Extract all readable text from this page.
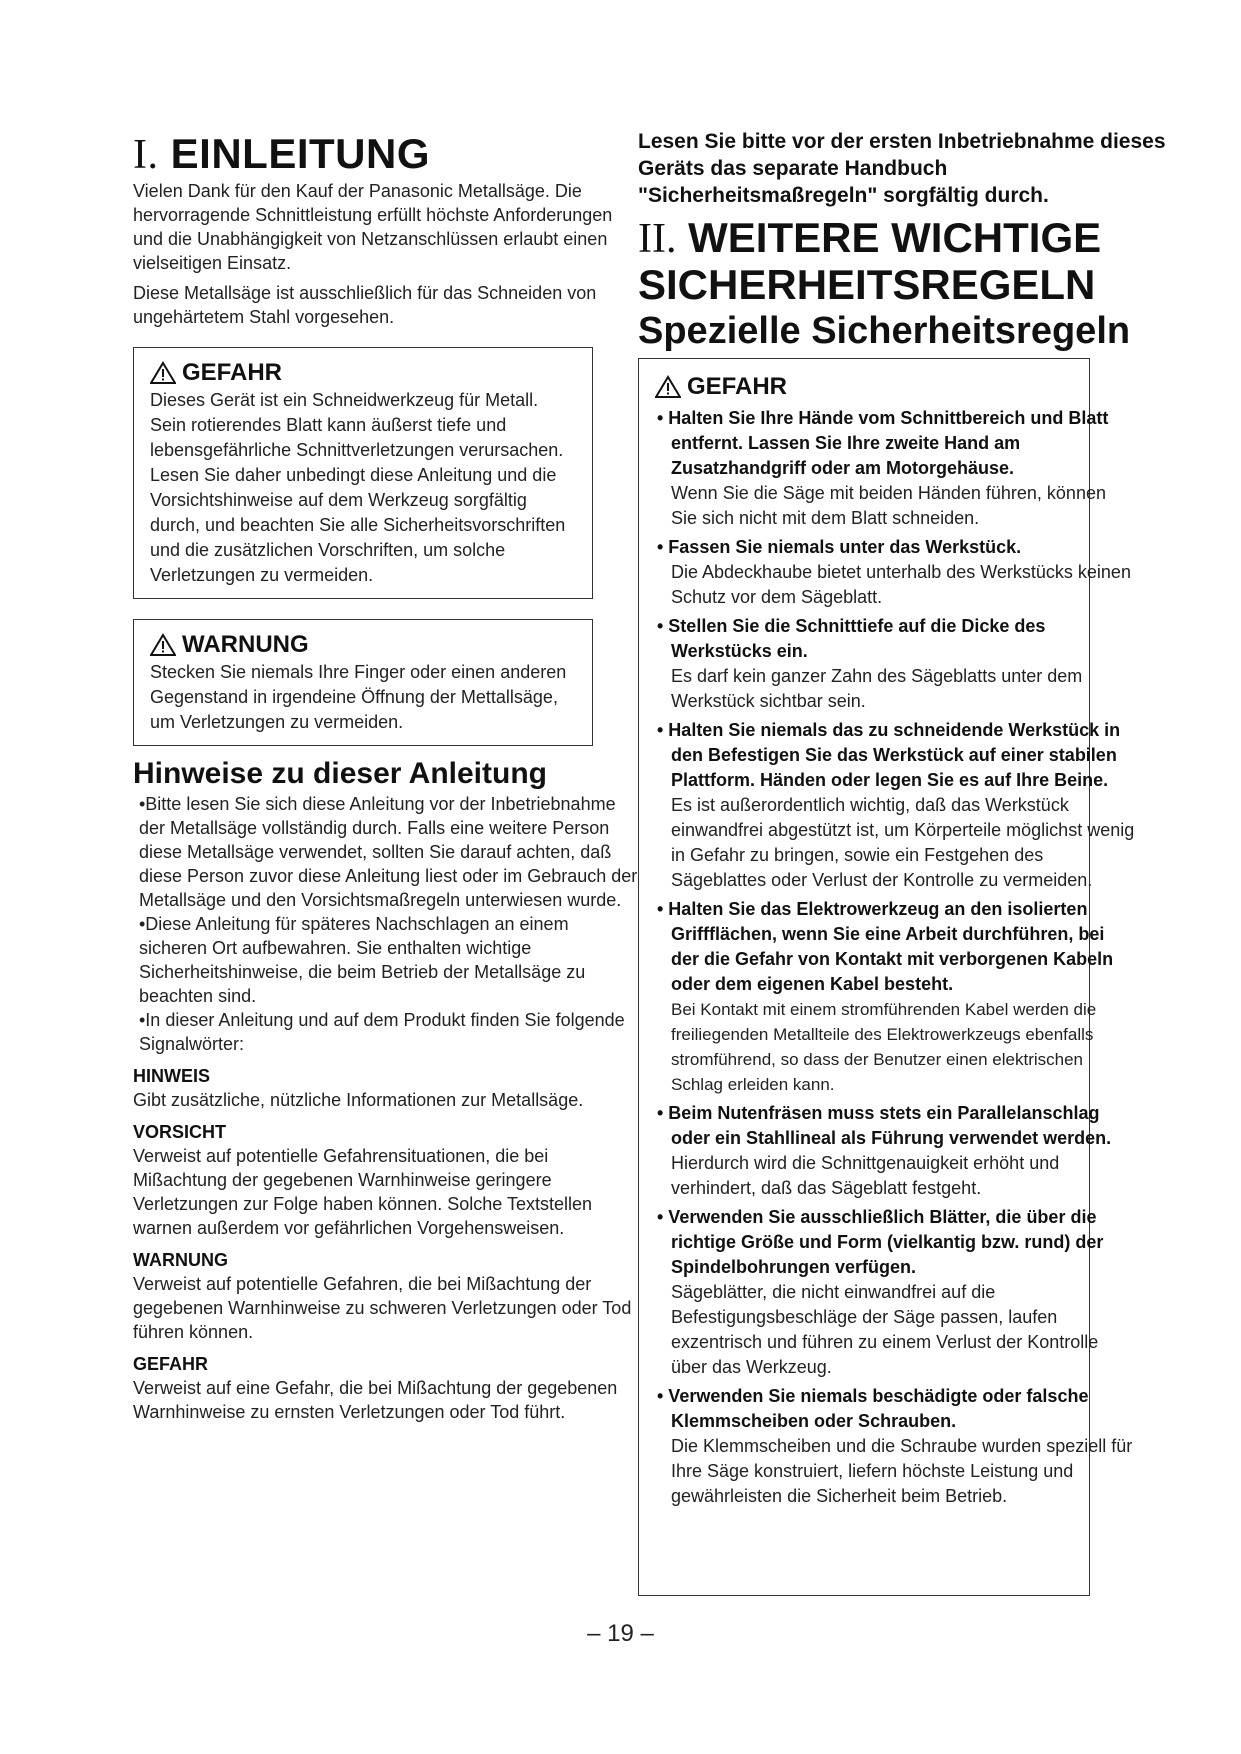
I. EINLEITUNG

Vielen Dank für den Kauf der Panasonic Metallsäge. Die hervorragende Schnittleistung erfüllt höchste Anforderungen und die Unabhängigkeit von Netzanschlüssen erlaubt einen vielseitigen Einsatz.

Diese Metallsäge ist ausschließlich für das Schneiden von ungehärtetem Stahl vorgesehen.

GEFAHR

Dieses Gerät ist ein Schneidwerkzeug für Metall. Sein rotierendes Blatt kann äußerst tiefe und lebensgefährliche Schnittverletzungen verursachen. Lesen Sie daher unbedingt diese Anleitung und die Vorsichtshinweise auf dem Werkzeug sorgfältig durch, und beachten Sie alle Sicherheitsvorschriften und die zusätzlichen Vorschriften, um solche Verletzungen zu vermeiden.

WARNUNG

Stecken Sie niemals Ihre Finger oder einen anderen Gegenstand in irgendeine Öffnung der Mettallsäge, um Verletzungen zu vermeiden.

Hinweise zu dieser Anleitung

•Bitte lesen Sie sich diese Anleitung vor der Inbetriebnahme der Metallsäge vollständig durch. Falls eine weitere Person diese Metallsäge verwendet, sollten Sie darauf achten, daß diese Person zuvor diese Anleitung liest oder im Gebrauch der Metallsäge und den Vorsichtsmaßregeln unterwiesen wurde.

•Diese Anleitung für späteres Nachschlagen an einem sicheren Ort aufbewahren. Sie enthalten wichtige Sicherheitshinweise, die beim Betrieb der Metallsäge zu beachten sind.

•In dieser Anleitung und auf dem Produkt finden Sie folgende Signalwörter:

HINWEIS

Gibt zusätzliche, nützliche Informationen zur Metallsäge.

VORSICHT

Verweist auf potentielle Gefahrensituationen, die bei Mißachtung der gegebenen Warnhinweise geringere Verletzungen zur Folge haben können. Solche Textstellen warnen außerdem vor gefährlichen Vorgehensweisen.

WARNUNG

Verweist auf potentielle Gefahren, die bei Mißachtung der gegebenen Warnhinweise zu schweren Verletzungen oder Tod führen können.

GEFAHR

Verweist auf eine Gefahr, die bei Mißachtung der gegebenen Warnhinweise zu ernsten Verletzungen oder Tod führt.

Lesen Sie bitte vor der ersten Inbetriebnahme dieses Geräts das separate Handbuch "Sicherheitsmaßregeln" sorgfältig durch.
II. WEITERE WICHTIGE
SICHERHEITSREGELN
Spezielle Sicherheitsregeln
GEFAHR
• Halten Sie Ihre Hände vom Schnittbereich und Blatt entfernt. Lassen Sie Ihre zweite Hand am Zusatzhandgriff oder am Motorgehäuse.
Wenn Sie die Säge mit beiden Händen führen, können Sie sich nicht mit dem Blatt schneiden.
• Fassen Sie niemals unter das Werkstück.
Die Abdeckhaube bietet unterhalb des Werkstücks keinen Schutz vor dem Sägeblatt.
• Stellen Sie die Schnitttiefe auf die Dicke des Werkstücks ein.
Es darf kein ganzer Zahn des Sägeblatts unter dem Werkstück sichtbar sein.
• Halten Sie niemals das zu schneidende Werkstück in den Befestigen Sie das Werkstück auf einer stabilen Plattform. Händen oder legen Sie es auf Ihre Beine.
Es ist außerordentlich wichtig, daß das Werkstück einwandfrei abgestützt ist, um Körperteile möglichst wenig in Gefahr zu bringen, sowie ein Festgehen des Sägeblattes oder Verlust der Kontrolle zu vermeiden.
• Halten Sie das Elektrowerkzeug an den isolierten Griffflächen, wenn Sie eine Arbeit durchführen, bei der die Gefahr von Kontakt mit verborgenen Kabeln oder dem eigenen Kabel besteht.
Bei Kontakt mit einem stromführenden Kabel werden die freiliegenden Metallteile des Elektrowerkzeugs ebenfalls stromführend, so dass der Benutzer einen elektrischen Schlag erleiden kann.
• Beim Nutenfräsen muss stets ein Parallelanschlag oder ein Stahllineal als Führung verwendet werden.
Hierdurch wird die Schnittgenauigkeit erhöht und verhindert, daß das Sägeblatt festgeht.
• Verwenden Sie ausschließlich Blätter, die über die richtige Größe und Form (vielkantig bzw. rund) der Spindelbohrungen verfügen.
Sägeblätter, die nicht einwandfrei auf die Befestigungsbeschläge der Säge passen, laufen exzentrisch und führen zu einem Verlust der Kontrolle über das Werkzeug.
• Verwenden Sie niemals beschädigte oder falsche Klemmscheiben oder Schrauben.
Die Klemmscheiben und die Schraube wurden speziell für Ihre Säge konstruiert, liefern höchste Leistung und gewährleisten die Sicherheit beim Betrieb.
– 19 –
